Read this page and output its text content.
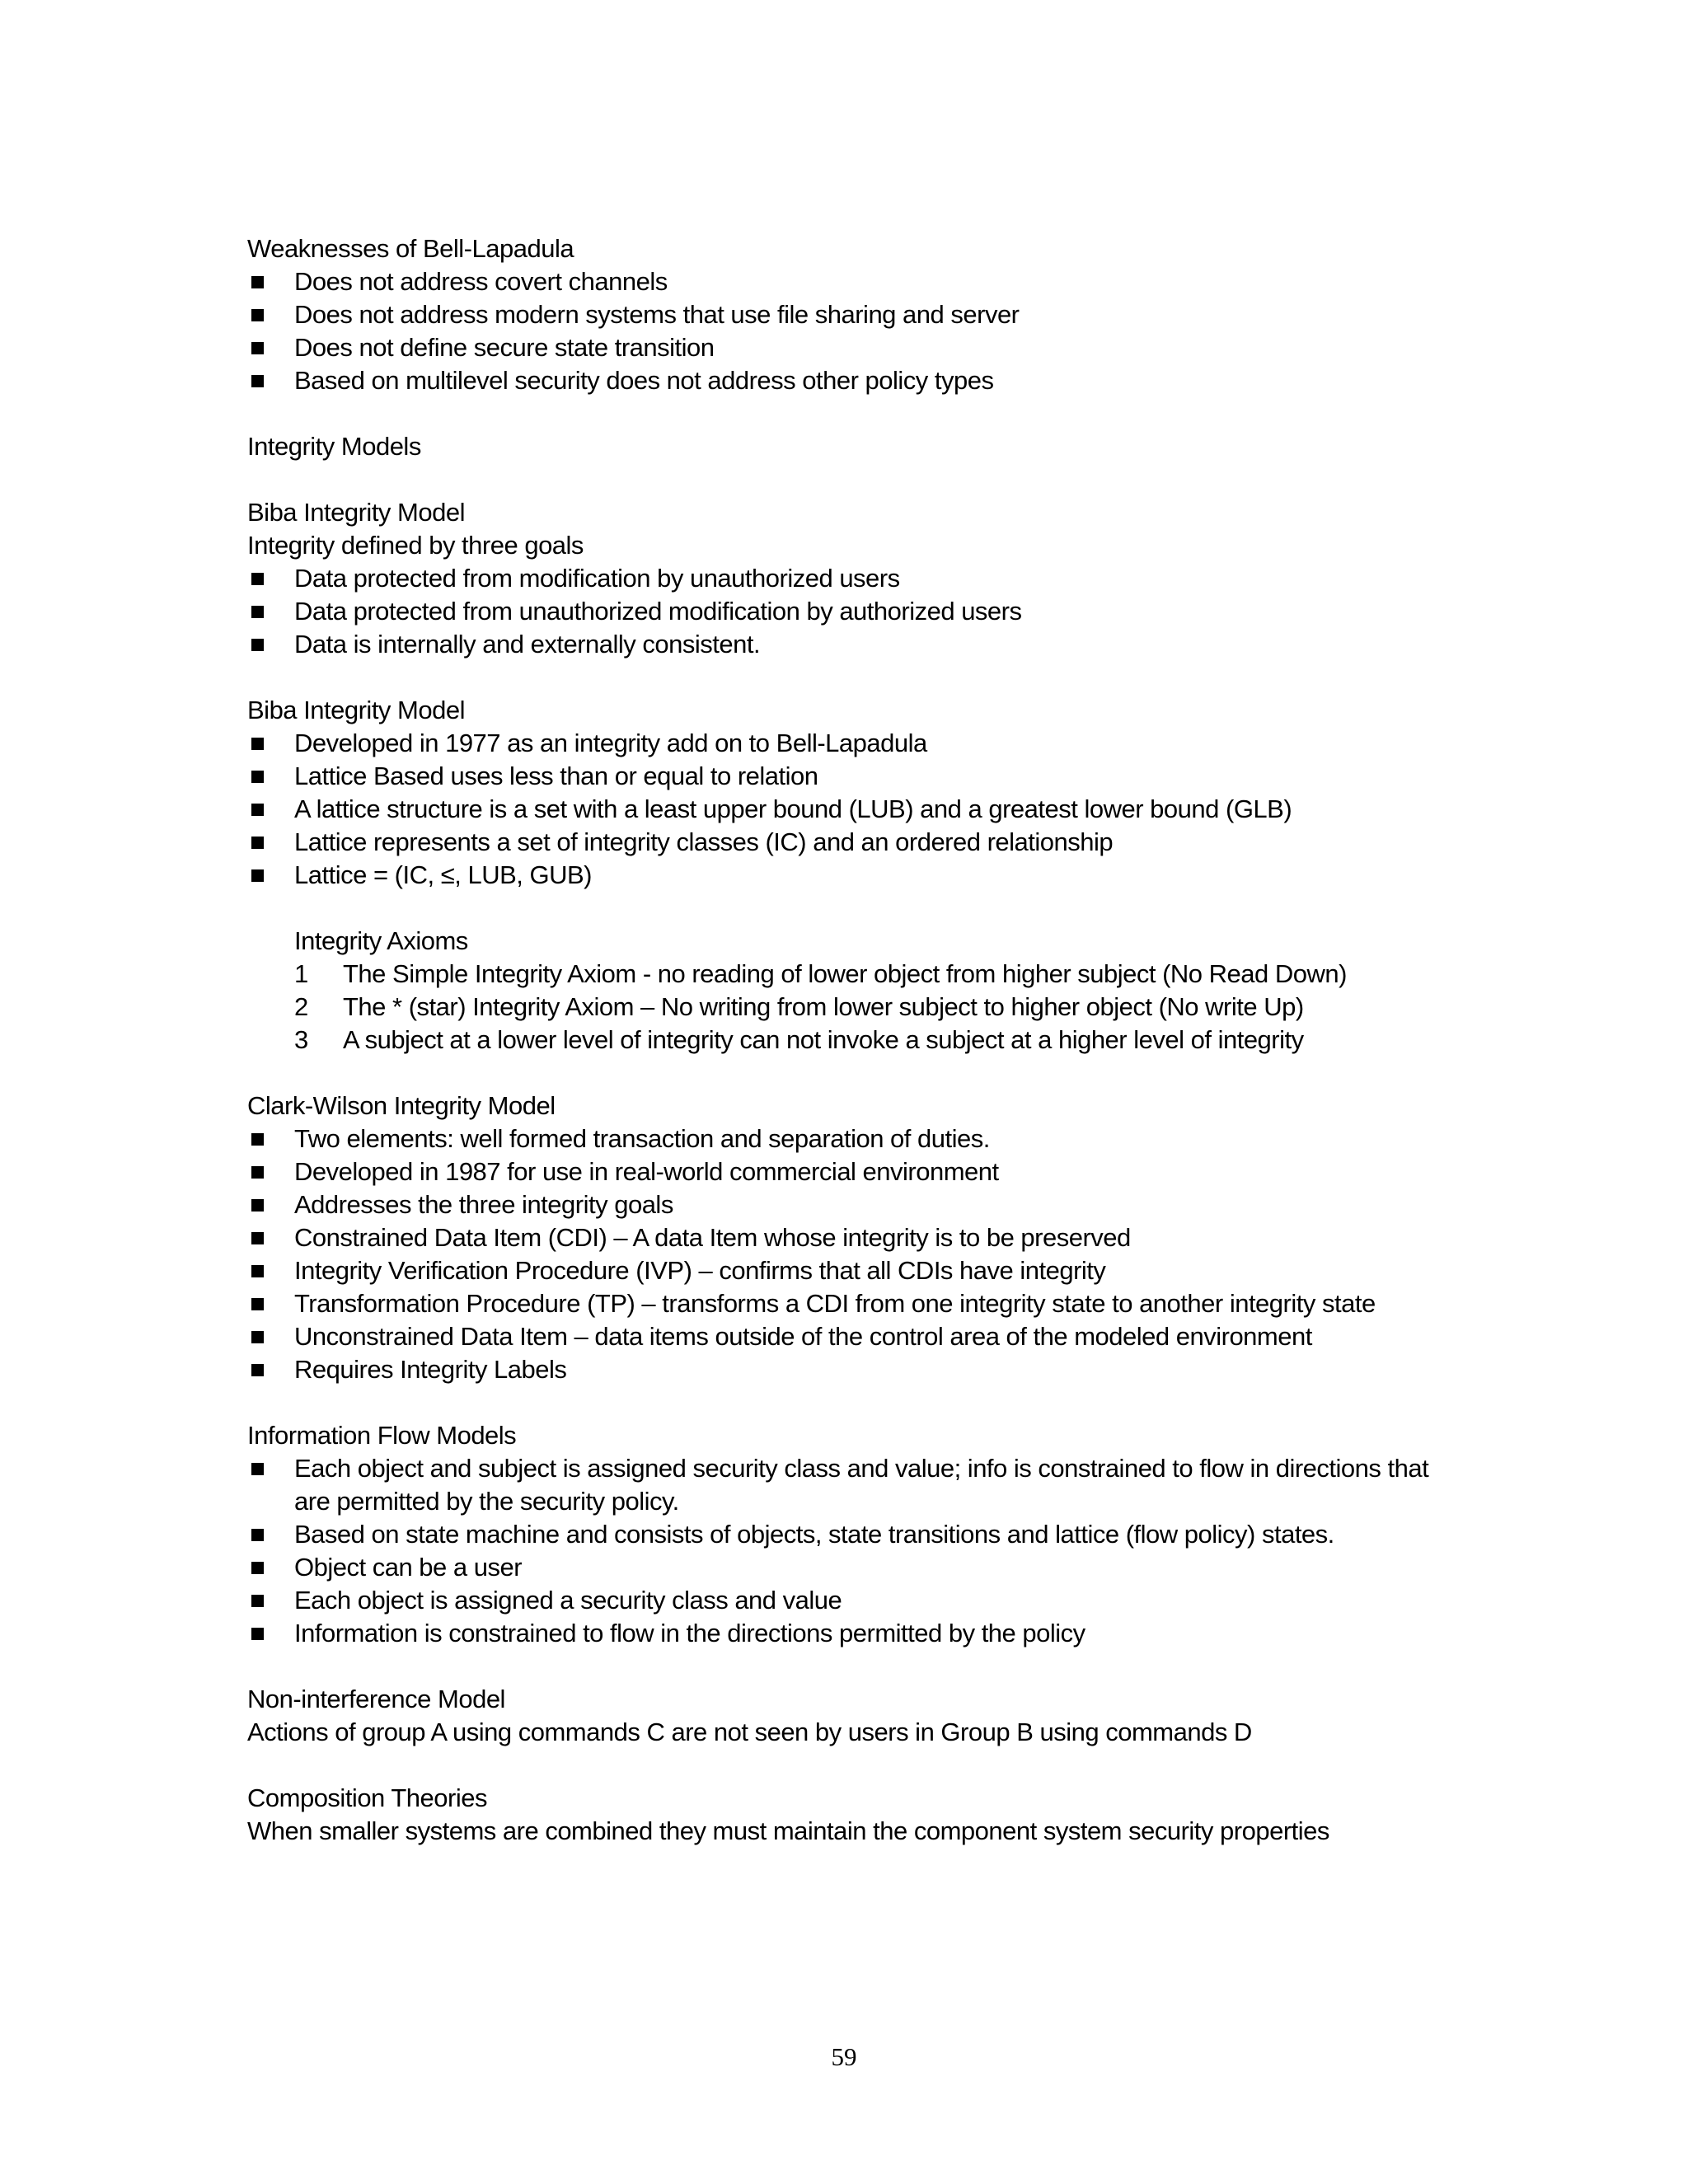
Weaknesses of Bell-Lapadula
Does not address covert channels
Does not address modern systems that use file sharing and server
Does not define secure state transition
Based on multilevel security does not address other policy types
Integrity Models
Biba Integrity Model
Integrity defined by three goals
Data protected from modification by unauthorized users
Data protected from unauthorized modification by authorized users
Data is internally and externally consistent.
Biba Integrity Model
Developed in 1977 as an integrity add on to Bell-Lapadula
Lattice Based uses less than or equal to relation
A lattice structure is a set with a least upper bound (LUB) and a greatest lower bound (GLB)
Lattice represents a set of integrity classes (IC) and an ordered relationship
Lattice = (IC, ≤, LUB, GUB)
Integrity Axioms
1 The Simple Integrity Axiom - no reading of lower object from higher subject (No Read Down)
2 The * (star) Integrity Axiom – No writing from lower subject to higher object (No write Up)
3 A subject at a lower level of integrity can not invoke a subject at a higher level of integrity
Clark-Wilson Integrity Model
Two elements: well formed transaction and separation of duties.
Developed in 1987 for use in real-world commercial environment
Addresses the three integrity goals
Constrained Data Item (CDI) – A data Item whose integrity is to be preserved
Integrity Verification Procedure (IVP) – confirms that all CDIs have integrity
Transformation Procedure (TP) – transforms a CDI from one integrity state to another integrity state
Unconstrained Data Item – data items outside of the control area of the modeled environment
Requires Integrity Labels
Information Flow Models
Each object and subject is assigned security class and value; info is constrained to flow in directions that are permitted by the security policy.
Based on state machine and consists of objects, state transitions and lattice (flow policy) states.
Object can be a user
Each object is assigned a security class and value
Information is constrained to flow in the directions permitted by the policy
Non-interference Model
Actions of group A using commands C are not seen by users in Group B using commands D
Composition Theories
When smaller systems are combined they must maintain the component system security properties
59
